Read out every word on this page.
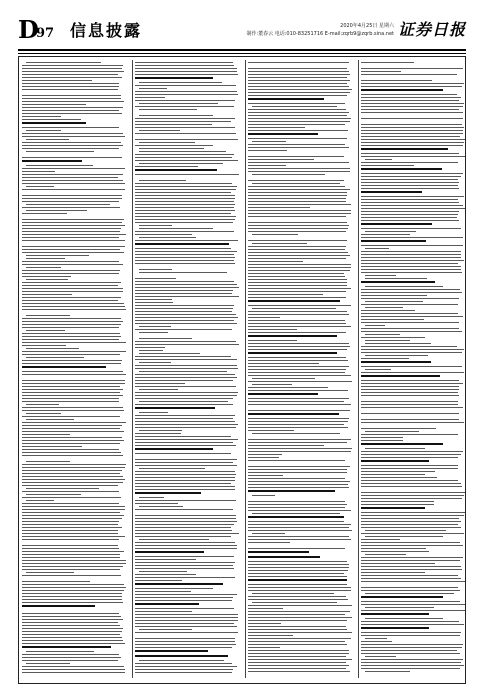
D
97 信息披露	2020年4月25日 星期六
制作:董春云 电话:010-83251716 E-mail:zqrb9@zqrb.sina.net 证券日报
